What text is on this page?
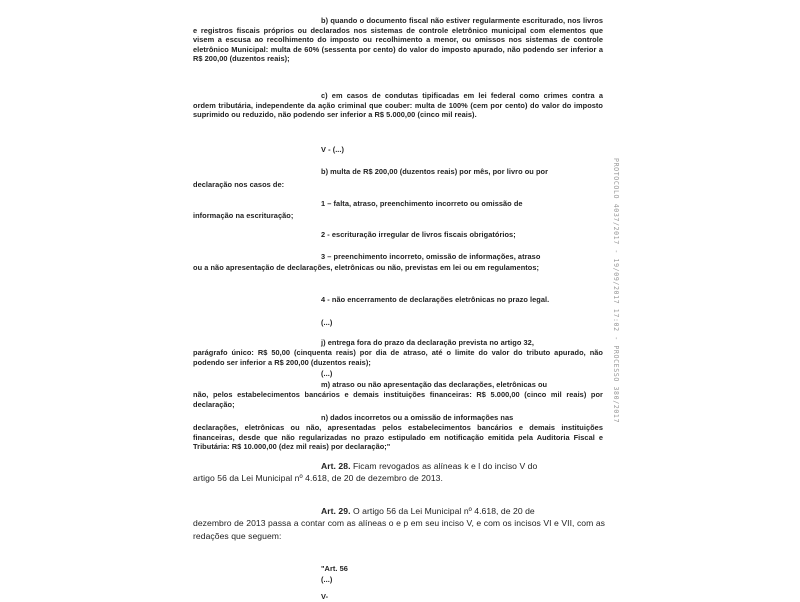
b) quando o documento fiscal não estiver regularmente escriturado, nos livros e registros fiscais próprios ou declarados nos sistemas de controle eletrônico municipal com elementos que visem a escusa ao recolhimento do imposto ou recolhimento a menor, ou omissos nos sistemas de controle eletrônico Municipal: multa de 60% (sessenta por cento) do valor do imposto apurado, não podendo ser inferior a R$ 200,00 (duzentos reais);

c) em casos de condutas tipificadas em lei federal como crimes contra a ordem tributária, independente da ação criminal que couber: multa de 100% (cem por cento) do valor do imposto suprimido ou reduzido, não podendo ser inferior a R$ 5.000,00 (cinco mil reais).

V - (...)

b) multa de R$ 200,00 (duzentos reais) por mês, por livro ou por

declaração nos casos de:

1 – falta, atraso, preenchimento incorreto ou omissão de

informação na escrituração;

2 - escrituração irregular de livros fiscais obrigatórios;

3 – preenchimento incorreto, omissão de informações, atraso

ou a não apresentação de declarações, eletrônicas ou não, previstas em lei ou em regulamentos;

4 - não encerramento de declarações eletrônicas no prazo legal.

(...)

j) entrega fora do prazo da declaração prevista no artigo 32,

parágrafo único: R$ 50,00 (cinquenta reais) por dia de atraso, até o limite do valor do tributo apurado, não podendo ser inferior a R$ 200,00 (duzentos reais);

(...)

m) atraso ou não apresentação das declarações, eletrônicas ou

não, pelos estabelecimentos bancários e demais instituições financeiras: R$ 5.000,00 (cinco mil reais) por declaração;

n) dados incorretos ou a omissão de informações nas

declarações, eletrônicas ou não, apresentadas pelos estabelecimentos bancários e demais instituições financeiras, desde que não regularizadas no prazo estipulado em notificação emitida pela Auditoria Fiscal e Tributária: R$ 10.000,00 (dez mil reais) por declaração;"

Art. 28. Ficam revogados as alíneas k e l do inciso V do
artigo 56 da Lei Municipal nº 4.618, de 20 de dezembro de 2013.
Art. 29. O artigo 56 da Lei Municipal nº 4.618, de 20 de
dezembro de 2013 passa a contar com as alíneas o e p em seu inciso V, e com os incisos VI e VII, com as redações que seguem:

"Art. 56

(...)

V-

PROTOCOLO 4037/2017 - 19/09/2017 17:02 - PROCESSO 380/2017
